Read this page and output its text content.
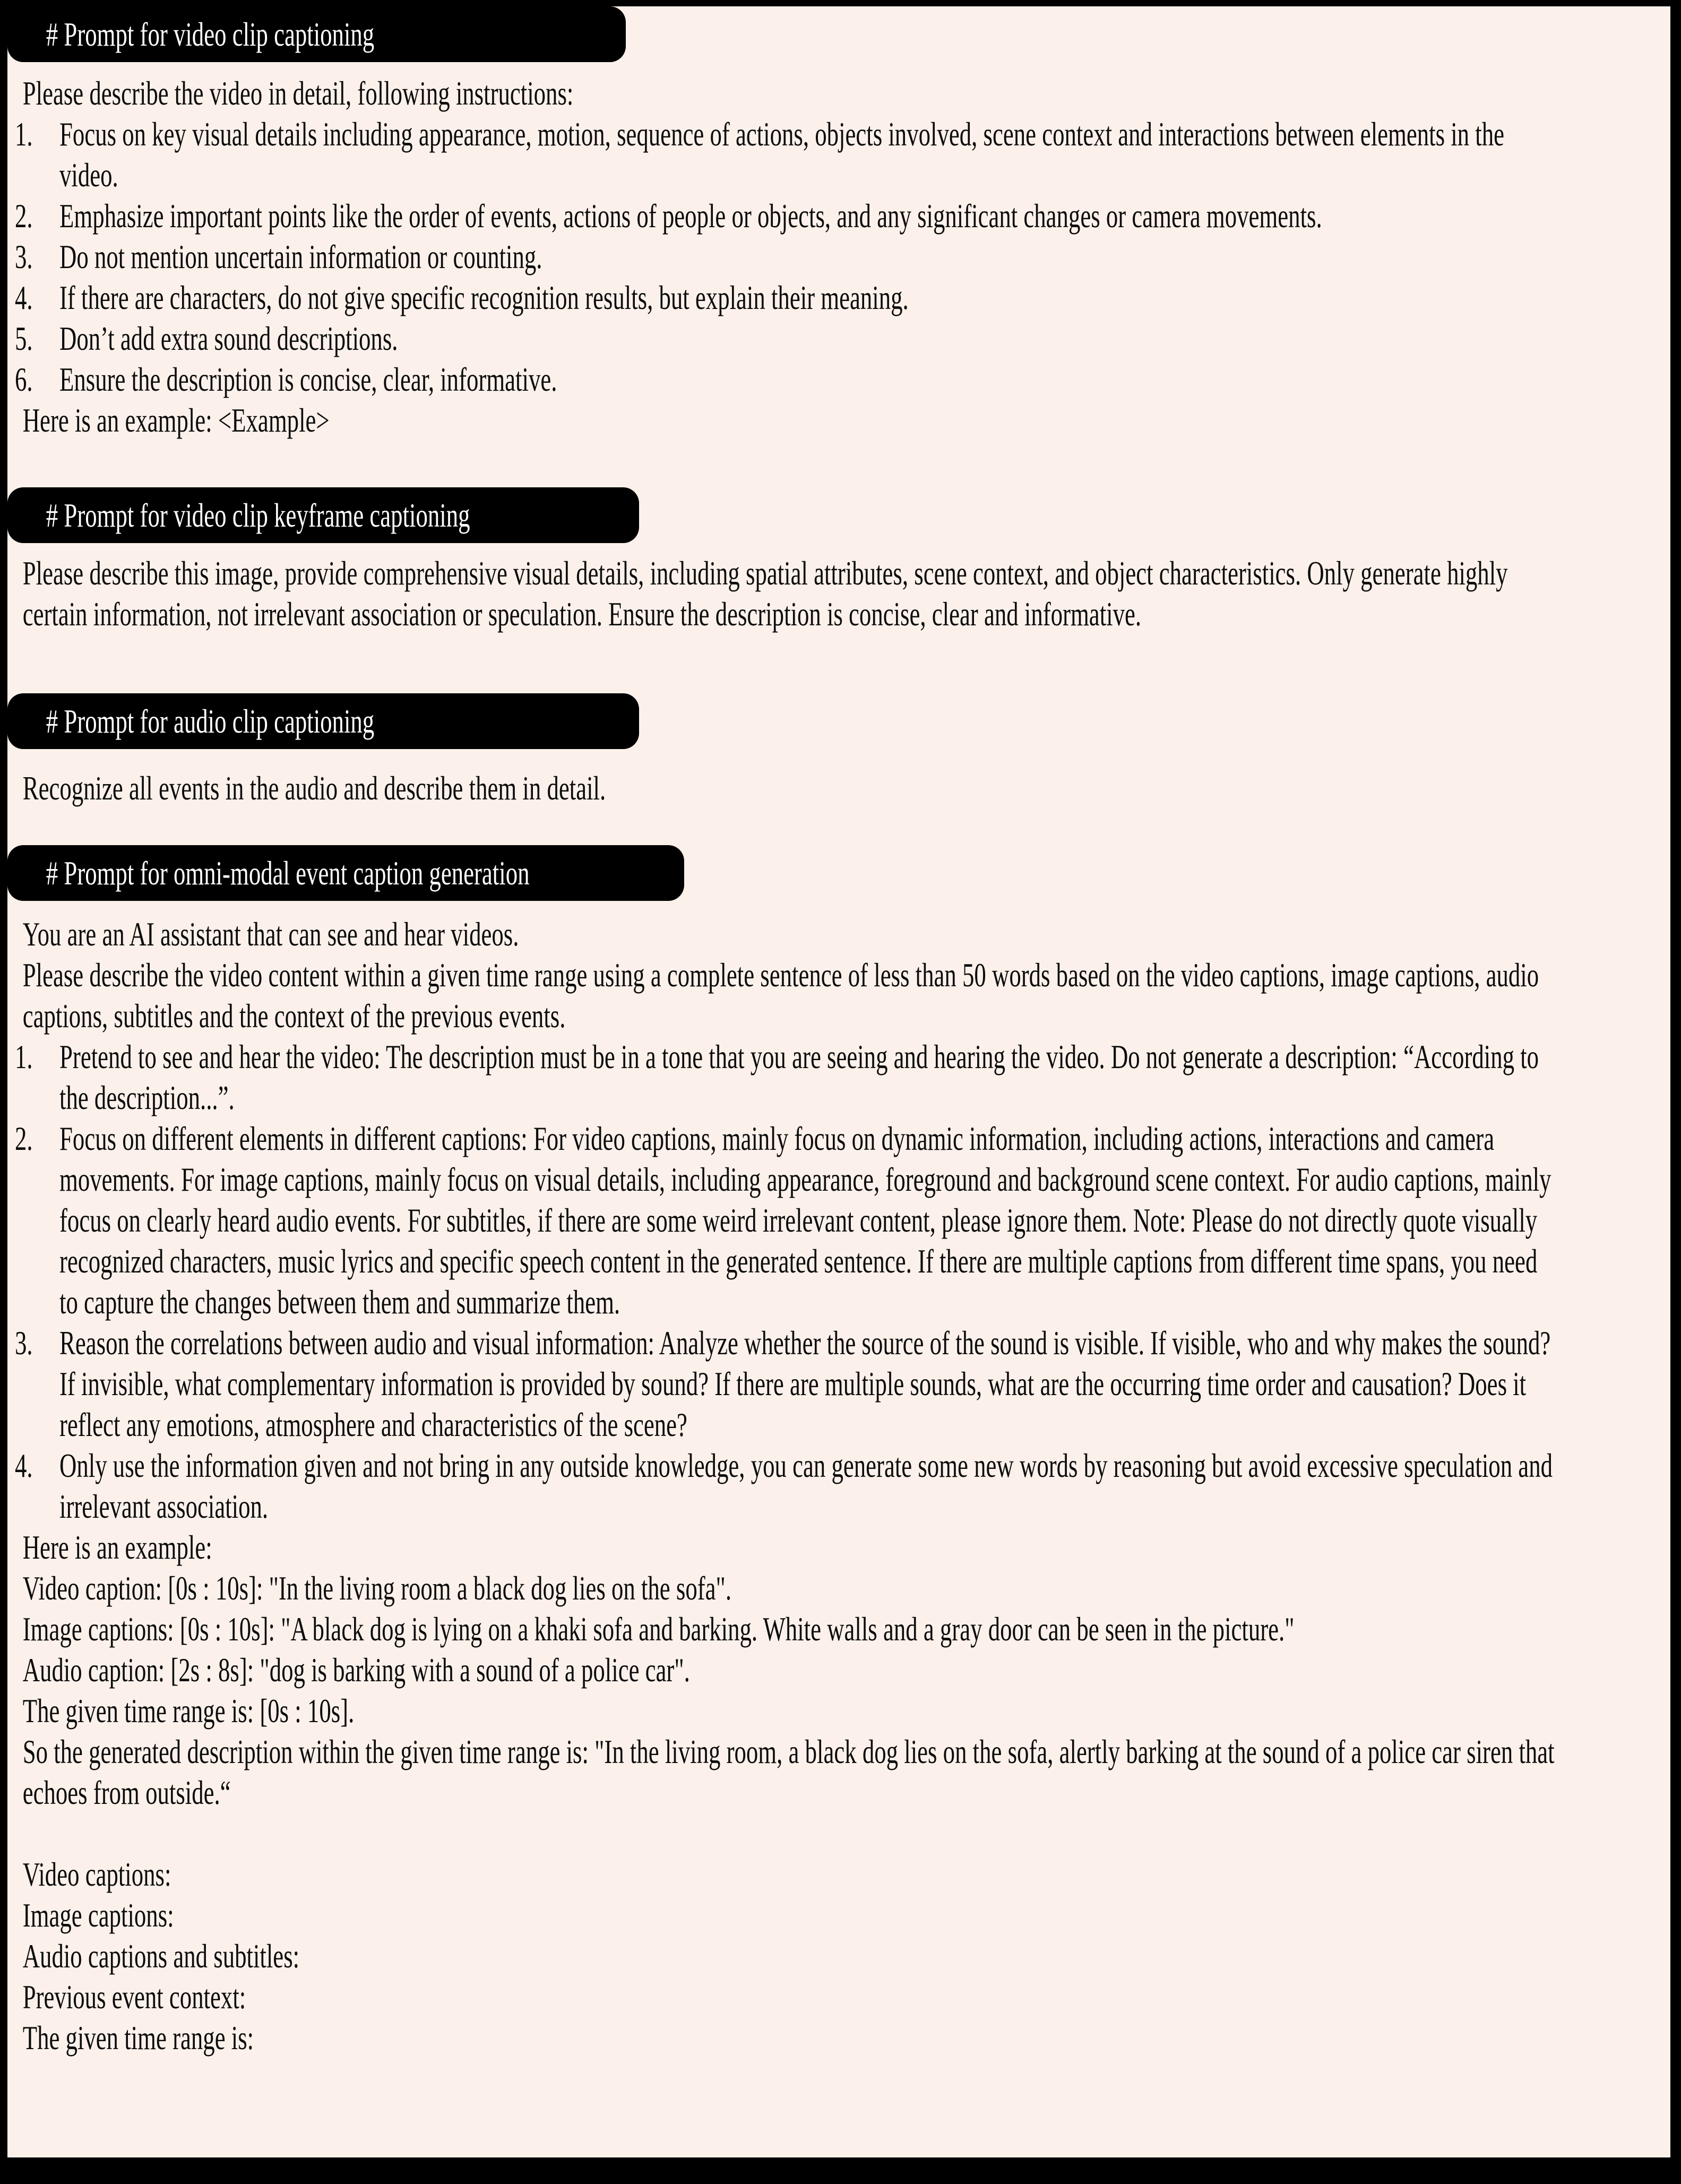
# Prompt for video clip captioning

Please describe the video in detail, following instructions:

1. Focus on key visual details including appearance, motion, sequence of actions, objects involved, scene context and interactions between elements in the video.
2. Emphasize important points like the order of events, actions of people or objects, and any significant changes or camera movements.
3. Do not mention uncertain information or counting.
4. If there are characters, do not give specific recognition results, but explain their meaning.
5. Don’t add extra sound descriptions.
6. Ensure the description is concise, clear, informative.

Here is an example: <Example>

# Prompt for video clip keyframe captioning

Please describe this image, provide comprehensive visual details, including spatial attributes, scene context, and object characteristics. Only generate highly certain information, not irrelevant association or speculation. Ensure the description is concise, clear and informative.

# Prompt for audio clip captioning

Recognize all events in the audio and describe them in detail.

# Prompt for omni-modal event caption generation

You are an AI assistant that can see and hear videos.

Please describe the video content within a given time range using a complete sentence of less than 50 words based on the video captions, image captions, audio captions, subtitles and the context of the previous events.

1. Pretend to see and hear the video: The description must be in a tone that you are seeing and hearing the video. Do not generate a description: “According to the description...”.
2. Focus on different elements in different captions: For video captions, mainly focus on dynamic information, including actions, interactions and camera movements. For image captions, mainly focus on visual details, including appearance, foreground and background scene context. For audio captions, mainly focus on clearly heard audio events. For subtitles, if there are some weird irrelevant content, please ignore them. Note: Please do not directly quote visually recognized characters, music lyrics and specific speech content in the generated sentence. If there are multiple captions from different time spans, you need to capture the changes between them and summarize them.
3. Reason the correlations between audio and visual information: Analyze whether the source of the sound is visible. If visible, who and why makes the sound? If invisible, what complementary information is provided by sound? If there are multiple sounds, what are the occurring time order and causation? Does it reflect any emotions, atmosphere and characteristics of the scene?
4. Only use the information given and not bring in any outside knowledge, you can generate some new words by reasoning but avoid excessive speculation and irrelevant association.

Here is an example:

Video caption: [0s : 10s]: "In the living room a black dog lies on the sofa".

Image captions: [0s : 10s]: "A black dog is lying on a khaki sofa and barking. White walls and a gray door can be seen in the picture."

Audio caption: [2s : 8s]: "dog is barking with a sound of a police car".

The given time range is: [0s : 10s].

So the generated description within the given time range is: "In the living room, a black dog lies on the sofa, alertly barking at the sound of a police car siren that echoes from outside.“

Video captions:

Image captions:

Audio captions and subtitles:

Previous event context:

The given time range is:
